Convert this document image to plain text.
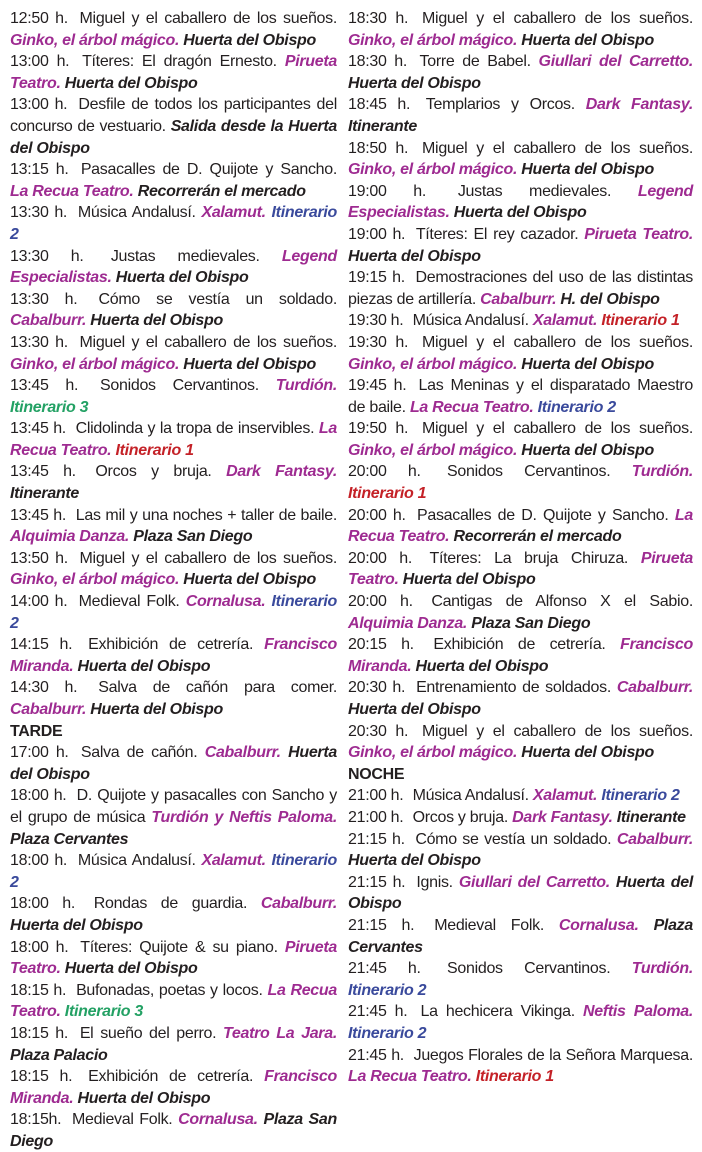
12:50 h. Miguel y el caballero de los sueños. Ginko, el árbol mágico. Huerta del Obispo

13:00 h. Títeres: El dragón Ernesto. Pirueta Teatro. Huerta del Obispo

13:00 h. Desfile de todos los participantes del concurso de vestuario. Salida desde la Huerta del Obispo

13:15 h. Pasacalles de D. Quijote y Sancho. La Recua Teatro. Recorrerán el mercado

13:30 h. Música Andalusí. Xalamut. Itinerario 2

13:30 h. Justas medievales. Legend Especialistas. Huerta del Obispo

13:30 h. Cómo se vestía un soldado. Cabalburr. Huerta del Obispo

13:30 h. Miguel y el caballero de los sueños. Ginko, el árbol mágico. Huerta del Obispo

13:45 h. Sonidos Cervantinos. Turdión. Itinerario 3

13:45 h. Clidolinda y la tropa de inservibles. La Recua Teatro. Itinerario 1

13:45 h. Orcos y bruja. Dark Fantasy. Itinerante

13:45 h. Las mil y una noches + taller de baile. Alquimia Danza. Plaza San Diego

13:50 h. Miguel y el caballero de los sueños. Ginko, el árbol mágico. Huerta del Obispo

14:00 h. Medieval Folk. Cornalusa. Itinerario 2

14:15 h. Exhibición de cetrería. Francisco Miranda. Huerta del Obispo

14:30 h. Salva de cañón para comer. Cabalburr. Huerta del Obispo

TARDE

17:00 h. Salva de cañón. Cabalburr. Huerta del Obispo

18:00 h. D. Quijote y pasacalles con Sancho y el grupo de música Turdión y Neftis Paloma. Plaza Cervantes

18:00 h. Música Andalusí. Xalamut. Itinerario 2

18:00 h. Rondas de guardia. Cabalburr. Huerta del Obispo

18:00 h. Títeres: Quijote & su piano. Pirueta Teatro. Huerta del Obispo

18:15 h. Bufonadas, poetas y locos. La Recua Teatro. Itinerario 3

18:15 h. El sueño del perro. Teatro La Jara. Plaza Palacio

18:15 h. Exhibición de cetrería. Francisco Miranda. Huerta del Obispo

18:15h. Medieval Folk. Cornalusa. Plaza San Diego

18:30 h. Miguel y el caballero de los sueños. Ginko, el árbol mágico. Huerta del Obispo

18:30 h. Torre de Babel. Giullari del Carretto. Huerta del Obispo

18:45 h. Templarios y Orcos. Dark Fantasy. Itinerante

18:50 h. Miguel y el caballero de los sueños. Ginko, el árbol mágico. Huerta del Obispo

19:00 h. Justas medievales. Legend Especialistas. Huerta del Obispo

19:00 h. Títeres: El rey cazador. Pirueta Teatro. Huerta del Obispo

19:15 h. Demostraciones del uso de las distintas piezas de artillería. Cabalburr. H. del Obispo

19:30 h. Música Andalusí. Xalamut. Itinerario 1

19:30 h. Miguel y el caballero de los sueños. Ginko, el árbol mágico. Huerta del Obispo

19:45 h. Las Meninas y el disparatado Maestro de baile. La Recua Teatro. Itinerario 2

19:50 h. Miguel y el caballero de los sueños. Ginko, el árbol mágico. Huerta del Obispo

20:00 h. Sonidos Cervantinos. Turdión. Itinerario 1

20:00 h. Pasacalles de D. Quijote y Sancho. La Recua Teatro. Recorrerán el mercado

20:00 h. Títeres: La bruja Chiruza. Pirueta Teatro. Huerta del Obispo

20:00 h. Cantigas de Alfonso X el Sabio. Alquimia Danza. Plaza San Diego

20:15 h. Exhibición de cetrería. Francisco Miranda. Huerta del Obispo

20:30 h. Entrenamiento de soldados. Cabalburr. Huerta del Obispo

20:30 h. Miguel y el caballero de los sueños. Ginko, el árbol mágico. Huerta del Obispo

NOCHE

21:00 h. Música Andalusí. Xalamut. Itinerario 2

21:00 h. Orcos y bruja. Dark Fantasy. Itinerante

21:15 h. Cómo se vestía un soldado. Cabalburr. Huerta del Obispo

21:15 h. Ignis. Giullari del Carretto. Huerta del Obispo

21:15 h. Medieval Folk. Cornalusa. Plaza Cervantes

21:45 h. Sonidos Cervantinos. Turdión. Itinerario 2

21:45 h. La hechicera Vikinga. Neftis Paloma. Itinerario 2

21:45 h. Juegos Florales de la Señora Marquesa. La Recua Teatro. Itinerario 1
